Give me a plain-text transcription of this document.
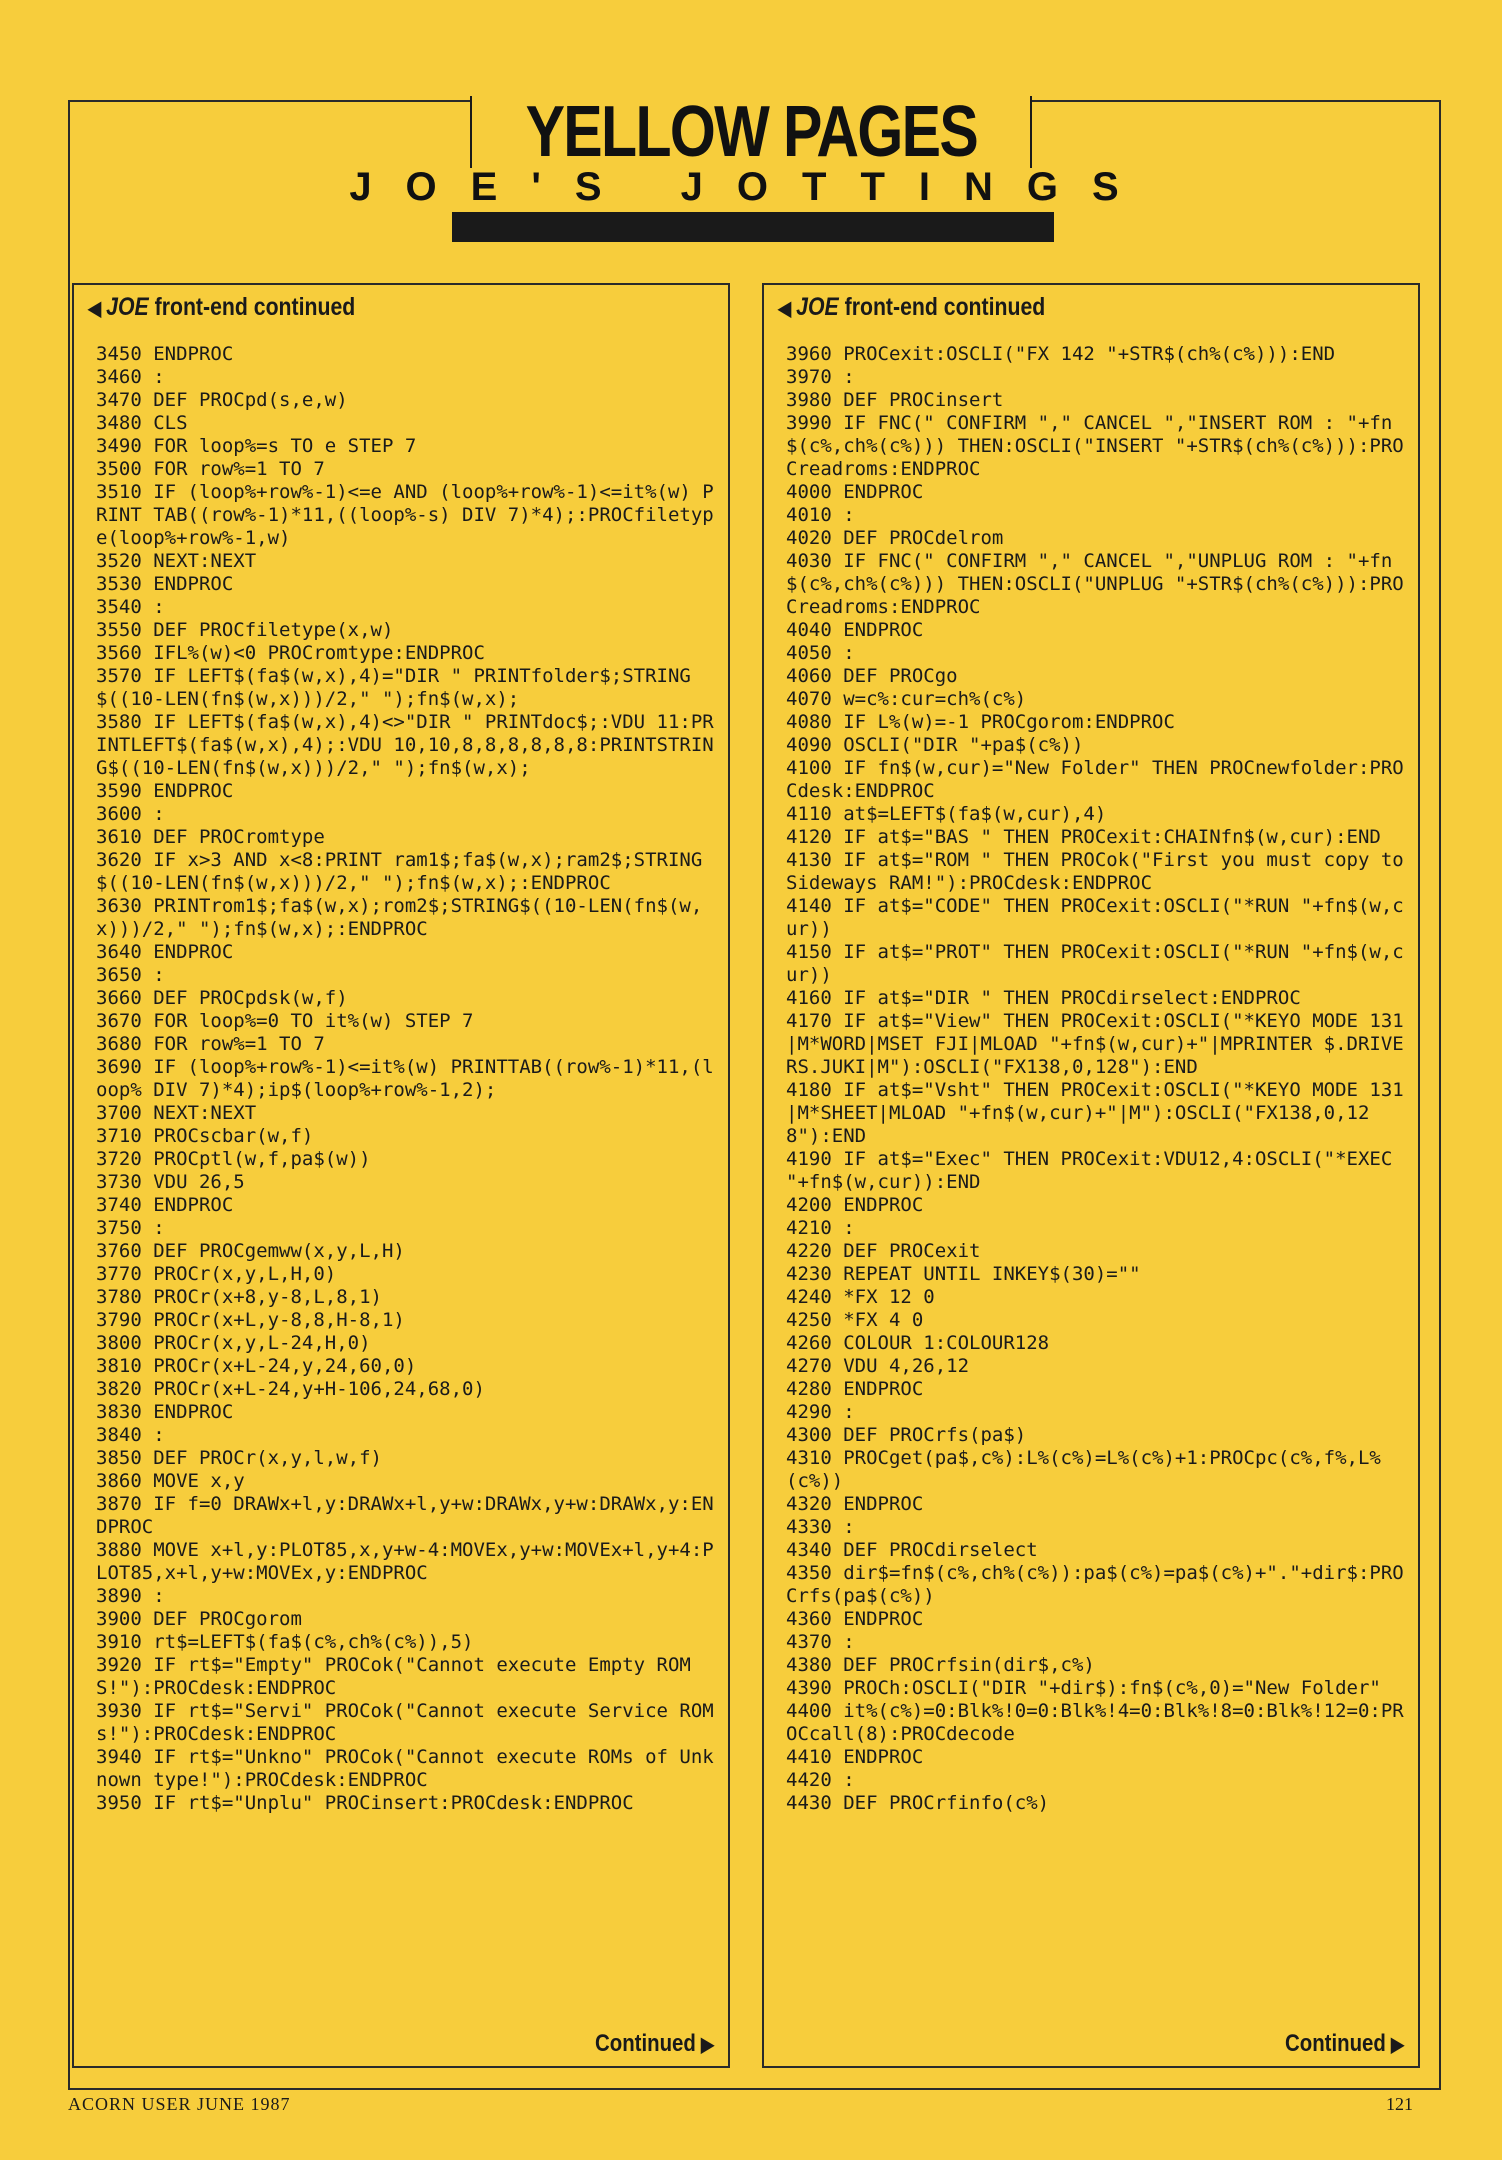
YELLOW PAGES
JOE'S JOTTINGS
◀ JOE front-end continued
3450 ENDPROC
3460 :
3470 DEF PROCpd(s,e,w)
3480 CLS
3490 FOR loop%=s TO e STEP 7
3500 FOR row%=1 TO 7
3510 IF (loop%+row%-1)<=e AND (loop%+row%-1)<=it%(w) PRINT TAB((row%-1)*11,((loop%-s) DIV 7)*4);:PROCfiletype(loop%+row%-1,w)
3520 NEXT:NEXT
3530 ENDPROC
3540 :
3550 DEF PROCfiletype(x,w)
3560 IFL%(w)<0 PROCromtype:ENDPROC
3570 IF LEFT$(fa$(w,x),4)="DIR " PRINTfolder$;STRING$((10-LEN(fn$(w,x)))/2," ");fn$(w,x);
3580 IF LEFT$(fa$(w,x),4)<>"DIR " PRINTdoc$;:VDU 11:PRINTLEFT$(fa$(w,x),4);:VDU 10,10,8,8,8,8,8,8:PRINTSTRING$((10-LEN(fn$(w,x)))/2," ");fn$(w,x);
3590 ENDPROC
3600 :
3610 DEF PROCromtype
3620 IF x>3 AND x<8:PRINT ram1$;fa$(w,x);ram2$;STRING$((10-LEN(fn$(w,x)))/2," ");fn$(w,x);:ENDPROC
3630 PRINTrom1$;fa$(w,x);rom2$;STRING$((10-LEN(fn$(w,x)))/2," ");fn$(w,x);:ENDPROC
3640 ENDPROC
3650 :
3660 DEF PROCpdsk(w,f)
3670 FOR loop%=0 TO it%(w) STEP 7
3680 FOR row%=1 TO 7
3690 IF (loop%+row%-1)<=it%(w) PRINTTAB((row%-1)*11,(loop% DIV 7)*4);ip$(loop%+row%-1,2);
3700 NEXT:NEXT
3710 PROCscbar(w,f)
3720 PROCptl(w,f,pa$(w))
3730 VDU 26,5
3740 ENDPROC
3750 :
3760 DEF PROCgemww(x,y,L,H)
3770 PROCr(x,y,L,H,0)
3780 PROCr(x+8,y-8,L,8,1)
3790 PROCr(x+L,y-8,8,H-8,1)
3800 PROCr(x,y,L-24,H,0)
3810 PROCr(x+L-24,y,24,60,0)
3820 PROCr(x+L-24,y+H-106,24,68,0)
3830 ENDPROC
3840 :
3850 DEF PROCr(x,y,l,w,f)
3860 MOVE x,y
3870 IF f=0 DRAWx+l,y:DRAWx+l,y+w:DRAWx,y+w:DRAWx,y:ENDPROC
3880 MOVE x+l,y:PLOT85,x,y+w-4:MOVEx,y+w:MOVEx+l,y+4:PLOT85,x+l,y+w:MOVEx,y:ENDPROC
3890 :
3900 DEF PROCgorom
3910 rt$=LEFT$(fa$(c%,ch%(c%)),5)
3920 IF rt$="Empty" PROCok("Cannot execute Empty ROMS!"):PROCdesk:ENDPROC
3930 IF rt$="Servi" PROCok("Cannot execute Service ROMs!"):PROCdesk:ENDPROC
3940 IF rt$="Unkno" PROCok("Cannot execute ROMs of Unknown type!"):PROCdesk:ENDPROC
3950 IF rt$="Unplu" PROCinsert:PROCdesk:ENDPROC
Continued ▶
◀ JOE front-end continued
3960 PROCexit:OSCLI("FX 142 "+STR$(ch%(c%))):END
3970 :
3980 DEF PROCinsert
3990 IF FNC(" CONFIRM "," CANCEL ","INSERT ROM : "+fn$(c%,ch%(c%))) THEN:OSCLI("INSERT "+STR$(ch%(c%))):PROCreadroms:ENDPROC
4000 ENDPROC
4010 :
4020 DEF PROCdelrom
4030 IF FNC(" CONFIRM "," CANCEL ","UNPLUG ROM : "+fn$(c%,ch%(c%))) THEN:OSCLI("UNPLUG "+STR$(ch%(c%))):PROCreadroms:ENDPROC
4040 ENDPROC
4050 :
4060 DEF PROCgo
4070 w=c%:cur=ch%(c%)
4080 IF L%(w)=-1 PROCgorom:ENDPROC
4090 OSCLI("DIR "+pa$(c%))
4100 IF fn$(w,cur)="New Folder" THEN PROCnewfolder:PROCdesk:ENDPROC
4110 at$=LEFT$(fa$(w,cur),4)
4120 IF at$="BAS " THEN PROCexit:CHAINfn$(w,cur):END
4130 IF at$="ROM " THEN PROCok("First you must copy to Sideways RAM!"):PROCdesk:ENDPROC
4140 IF at$="CODE" THEN PROCexit:OSCLI("*RUN "+fn$(w,cur))
4150 IF at$="PROT" THEN PROCexit:OSCLI("*RUN "+fn$(w,cur))
4160 IF at$="DIR " THEN PROCdirselect:ENDPROC
4170 IF at$="View" THEN PROCexit:OSCLI("*KEYO MODE 131|M*WORD|MSET FJI|MLOAD "+fn$(w,cur)+"|MPRINTER $.DRIVERS.JUKI|M"):OSCLI("FX138,0,128"):END
4180 IF at$="Vsht" THEN PROCexit:OSCLI("*KEYO MODE 131|M*SHEET|MLOAD "+fn$(w,cur)+"|M"):OSCLI("FX138,0,128"):END
4190 IF at$="Exec" THEN PROCexit:VDU12,4:OSCLI("*EXEC "+fn$(w,cur)):END
4200 ENDPROC
4210 :
4220 DEF PROCexit
4230 REPEAT UNTIL INKEY$(30)=""
4240 *FX 12 0
4250 *FX 4 0
4260 COLOUR 1:COLOUR128
4270 VDU 4,26,12
4280 ENDPROC
4290 :
4300 DEF PROCrfs(pa$)
4310 PROCget(pa$,c%):L%(c%)=L%(c%)+1:PROCpc(c%,f%,L%(c%))
4320 ENDPROC
4330 :
4340 DEF PROCdirselect
4350 dir$=fn$(c%,ch%(c%)):pa$(c%)=pa$(c%)+"."+dir$:PROCrfs(pa$(c%))
4360 ENDPROC
4370 :
4380 DEF PROCrfsin(dir$,c%)
4390 PROCh:OSCLI("DIR "+dir$):fn$(c%,0)="New Folder"
4400 it%(c%)=0:Blk%!0=0:Blk%!4=0:Blk%!8=0:Blk%!12=0:PROCcall(8):PROCdecode
4410 ENDPROC
4420 :
4430 DEF PROCrfinfo(c%)
Continued ▶
ACORN USER JUNE 1987	121
